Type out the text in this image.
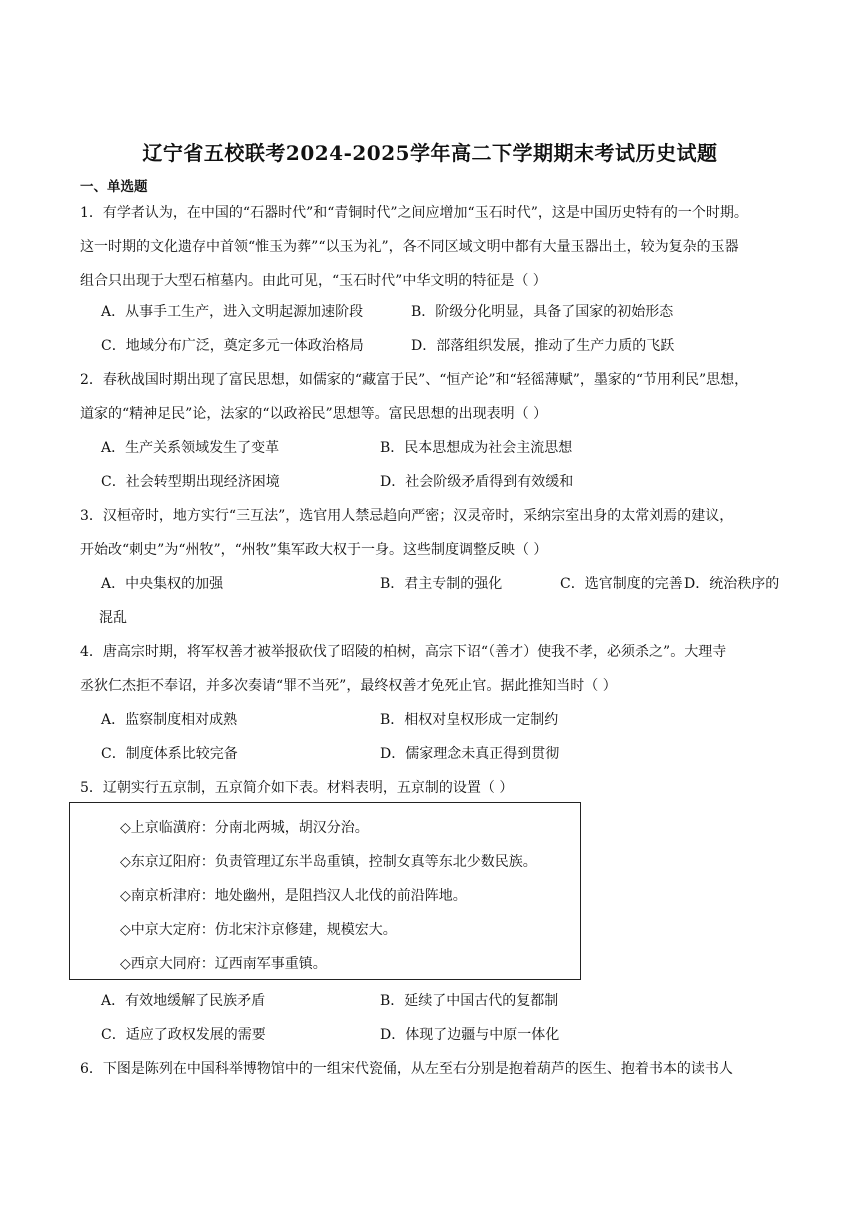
辽宁省五校联考2024-2025学年高二下学期期末考试历史试题
一、单选题
1．有学者认为，在中国的“石器时代”和“青铜时代”之间应增加“玉石时代”，这是中国历史特有的一个时期。
这一时期的文化遗存中首领“惟玉为葬”“以玉为礼”，各不同区域文明中都有大量玉器出土，较为复杂的玉器
组合只出现于大型石棺墓内。由此可见，“玉石时代”中华文明的特征是（ ）
A．从事手工生产，进入文明起源加速阶段	B．阶级分化明显，具备了国家的初始形态
C．地域分布广泛，奠定多元一体政治格局	D．部落组织发展，推动了生产力质的飞跃
2．春秋战国时期出现了富民思想，如儒家的“藏富于民”、“恒产论”和“轻徭薄赋”，墨家的“节用利民”思想，
道家的“精神足民”论，法家的“以政裕民”思想等。富民思想的出现表明（ ）
A．生产关系领域发生了变革	B．民本思想成为社会主流思想
C．社会转型期出现经济困境	D．社会阶级矛盾得到有效缓和
3．汉桓帝时，地方实行“三互法”，选官用人禁忌趋向严密；汉灵帝时，采纳宗室出身的太常刘焉的建议，
开始改“刺史”为“州牧”，“州牧”集军政大权于一身。这些制度调整反映（ ）
A．中央集权的加强	B．君主专制的强化	C．选官制度的完善 D．统治秩序的
混乱
4．唐高宗时期，将军权善才被举报砍伐了昭陵的柏树，高宗下诏“（善才）使我不孝，必须杀之”。大理寺
丞狄仁杰拒不奉诏，并多次奏请“罪不当死”，最终权善才免死止官。据此推知当时（ ）
A．监察制度相对成熟	B．相权对皇权形成一定制约
C．制度体系比较完备	D．儒家理念未真正得到贯彻
5．辽朝实行五京制，五京简介如下表。材料表明，五京制的设置（ ）
◇上京临潢府：分南北两城，胡汉分治。
◇东京辽阳府：负责管理辽东半岛重镇，控制女真等东北少数民族。
◇南京析津府：地处幽州，是阻挡汉人北伐的前沿阵地。
◇中京大定府：仿北宋汴京修建，规模宏大。
◇西京大同府：辽西南军事重镇。
A．有效地缓解了民族矛盾	B．延续了中国古代的复都制
C．适应了政权发展的需要	D．体现了边疆与中原一体化
6．下图是陈列在中国科举博物馆中的一组宋代瓷俑，从左至右分别是抱着葫芦的医生、抱着书本的读书人
